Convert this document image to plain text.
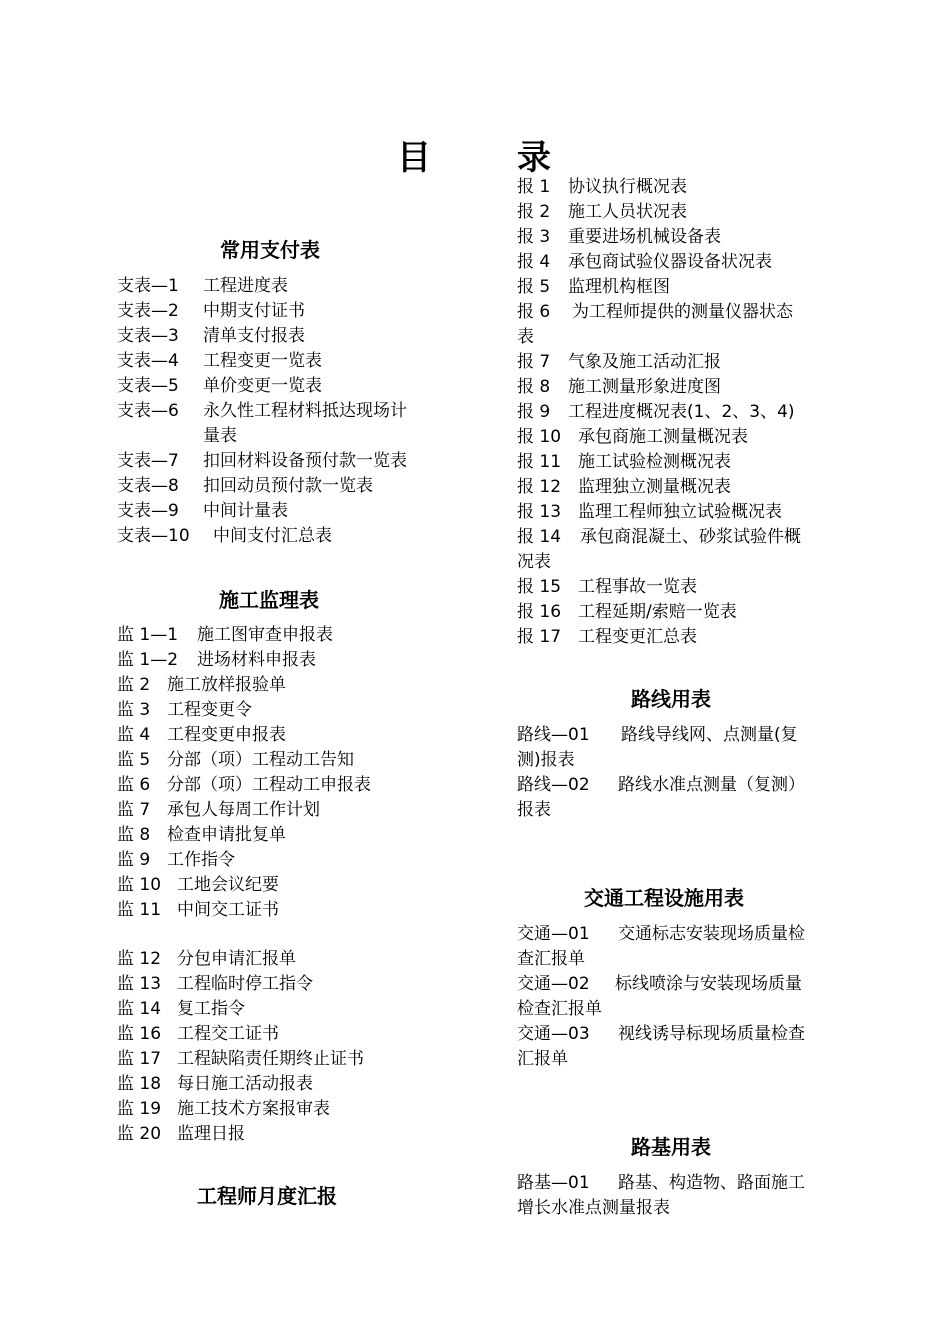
目	录
常用支付表
支表—1 工程进度表
支表—2 中期支付证书
支表—3 清单支付报表
支表—4 工程变更一览表
支表—5 单价变更一览表
支表—6 永久性工程材料抵达现场计
量表
支表—7 扣回材料设备预付款一览表
支表—8 扣回动员预付款一览表
支表—9 中间计量表
支表—10 中间支付汇总表
施工监理表
监 1—1 施工图审查申报表
监 1—2 进场材料申报表
监 2 施工放样报验单
监 3 工程变更令
监 4 工程变更申报表
监 5 分部（项）工程动工告知
监 6 分部（项）工程动工申报表
监 7 承包人每周工作计划
监 8 检查申请批复单
监 9 工作指令
监 10 工地会议纪要
监 11 中间交工证书
监 12 分包申请汇报单
监 13 工程临时停工指令
监 14 复工指令
监 16 工程交工证书
监 17 工程缺陷责任期终止证书
监 18 每日施工活动报表
监 19 施工技术方案报审表
监 20 监理日报
工程师月度汇报
报 1 协议执行概况表
报 2 施工人员状况表
报 3 重要进场机械设备表
报 4 承包商试验仪器设备状况表
报 5 监理机构框图
报 6 为工程师提供的测量仪器状态
表
报 7 气象及施工活动汇报
报 8 施工测量形象进度图
报 9 工程进度概况表(1、2、3、4)
报 10 承包商施工测量概况表
报 11 施工试验检测概况表
报 12 监理独立测量概况表
报 13 监理工程师独立试验概况表
报 14 承包商混凝土、砂浆试验件概
况表
报 15 工程事故一览表
报 16 工程延期/索赔一览表
报 17 工程变更汇总表
路线用表
路线—01 路线导线网、点测量(复
测)报表
路线—02 路线水准点测量（复测）
报表
交通工程设施用表
交通—01 交通标志安装现场质量检
查汇报单
交通—02 标线喷涂与安装现场质量
检查汇报单
交通—03 视线诱导标现场质量检查
汇报单
路基用表
路基—01 路基、构造物、路面施工
增长水准点测量报表
